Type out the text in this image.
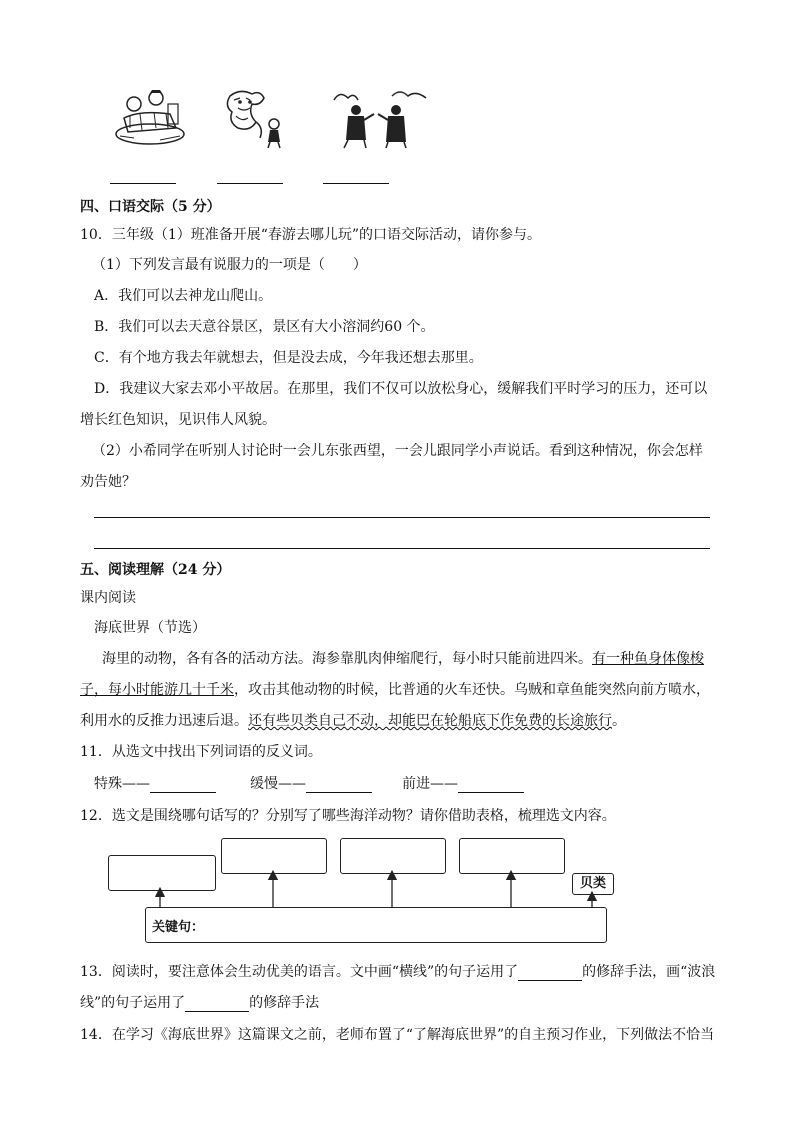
四、口语交际（5 分）
10．三年级（1）班准备开展“春游去哪儿玩”的口语交际活动，请你参与。
（1）下列发言最有说服力的一项是（　　）
A．我们可以去神龙山爬山。
B．我们可以去天意谷景区，景区有大小溶洞约60 个。
C．有个地方我去年就想去，但是没去成，今年我还想去那里。
D．我建议大家去邓小平故居。在那里，我们不仅可以放松身心，缓解我们平时学习的压力，还可以
增长红色知识，见识伟人风貌。
（2）小希同学在听别人讨论时一会儿东张西望，一会儿跟同学小声说话。看到这种情况，你会怎样
劝告她？
五、阅读理解（24 分）
课内阅读
海底世界（节选）
海里的动物，各有各的活动方法。海参靠肌肉伸缩爬行，每小时只能前进四米。有一种鱼身体像梭
子，每小时能游几十千米，攻击其他动物的时候，比普通的火车还快。乌贼和章鱼能突然向前方喷水，
利用水的反推力迅速后退。还有些贝类自己不动，却能巴在轮船底下作免费的长途旅行。
11．从选文中找出下列词语的反义词。
特殊——	缓慢——	前进——
12．选文是围绕哪句话写的？分别写了哪些海洋动物？请你借助表格，梳理选文内容。
贝类
关键句：
13．阅读时，要注意体会生动优美的语言。文中画“横线”的句子运用了	的修辞手法，画“波浪
线”的句子运用了	的修辞手法
14．在学习《海底世界》这篇课文之前，老师布置了“了解海底世界”的自主预习作业，下列做法不恰当
